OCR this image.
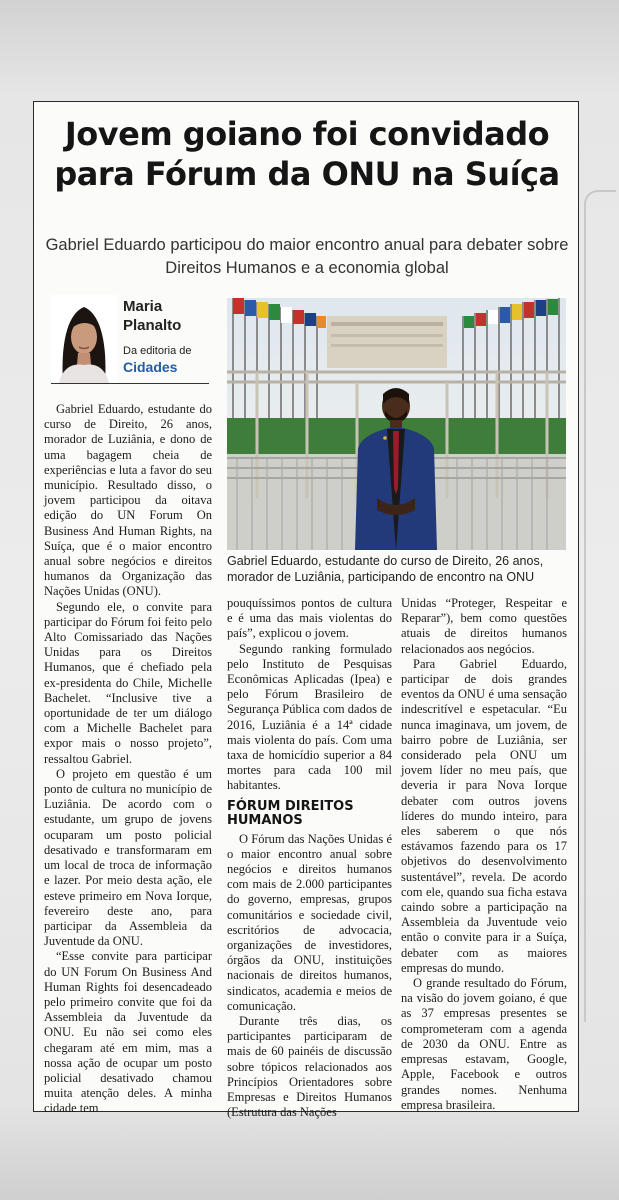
Jovem goiano foi convidado para Fórum da ONU na Suíça

Gabriel Eduardo participou do maior encontro anual para debater sobre Direitos Humanos e a economia global

Maria Planalto
Da editoria de
Cidades

Gabriel Eduardo, estudante do curso de Direito, 26 anos, morador de Luziânia, participando de encontro na ONU

Gabriel Eduardo, estudante do curso de Direito, 26 anos, morador de Luziânia, e dono de uma bagagem cheia de experiências e luta a favor do seu município. Resultado disso, o jovem participou da oitava edição do UN Forum On Business And Human Rights, na Suíça, que é o maior encontro anual sobre negócios e direitos humanos da Organização das Nações Unidas (ONU).

Segundo ele, o convite para participar do Fórum foi feito pelo Alto Comissariado das Nações Unidas para os Direitos Humanos, que é chefiado pela ex-presidenta do Chile, Michelle Bachelet. “Inclusive tive a oportunidade de ter um diálogo com a Michelle Bachelet para expor mais o nosso projeto”, ressaltou Gabriel.

O projeto em questão é um ponto de cultura no município de Luziânia. De acordo com o estudante, um grupo de jovens ocuparam um posto policial desativado e transformaram em um local de troca de informação e lazer. Por meio desta ação, ele esteve primeiro em Nova Iorque, fevereiro deste ano, para participar da Assembleia da Juventude da ONU.

“Esse convite para participar do UN Forum On Business And Human Rights foi desencadeado pelo primeiro convite que foi da Assembleia da Juventude da ONU. Eu não sei como eles chegaram até em mim, mas a nossa ação de ocupar um posto policial desativado chamou muita atenção deles. A minha cidade tem

pouquíssimos pontos de cultura e é uma das mais violentas do país”, explicou o jovem.

Segundo ranking formulado pelo Instituto de Pesquisas Econômicas Aplicadas (Ipea) e pelo Fórum Brasileiro de Segurança Pública com dados de 2016, Luziânia é a 14ª cidade mais violenta do país. Com uma taxa de homicídio superior a 84 mortes para cada 100 mil habitantes.

FÓRUM DIREITOS HUMANOS

O Fórum das Nações Unidas é o maior encontro anual sobre negócios e direitos humanos com mais de 2.000 participantes do governo, empresas, grupos comunitários e sociedade civil, escritórios de advocacia, organizações de investidores, órgãos da ONU, instituições nacionais de direitos humanos, sindicatos, academia e meios de comunicação.

Durante três dias, os participantes participaram de mais de 60 painéis de discussão sobre tópicos relacionados aos Princípios Orientadores sobre Empresas e Direitos Humanos (Estrutura das Nações

Unidas “Proteger, Respeitar e Reparar”), bem como questões atuais de direitos humanos relacionados aos negócios.

Para Gabriel Eduardo, participar de dois grandes eventos da ONU é uma sensação indescritível e espetacular. “Eu nunca imaginava, um jovem, de bairro pobre de Luziânia, ser considerado pela ONU um jovem líder no meu país, que deveria ir para Nova Iorque debater com outros jovens líderes do mundo inteiro, para eles saberem o que nós estávamos fazendo para os 17 objetivos do desenvolvimento sustentável”, revela. De acordo com ele, quando sua ficha estava caindo sobre a participação na Assembleia da Juventude veio então o convite para ir a Suíça, debater com as maiores empresas do mundo.

O grande resultado do Fórum, na visão do jovem goiano, é que as 37 empresas presentes se comprometeram com a agenda de 2030 da ONU. Entre as empresas estavam, Google, Apple, Facebook e outros grandes nomes. Nenhuma empresa brasileira.
